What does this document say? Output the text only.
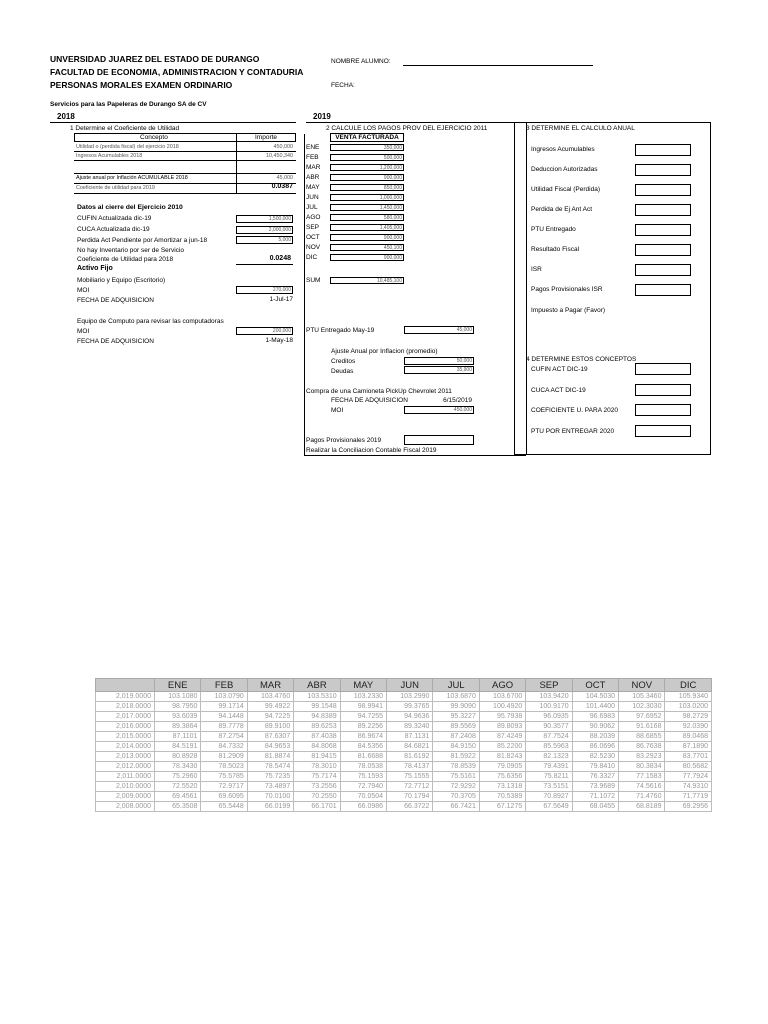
UNVERSIDAD JUAREZ DEL ESTADO DE DURANGO
FACULTAD DE ECONOMIA, ADMINISTRACION Y CONTADURIA
PERSONAS MORALES EXAMEN ORDINARIO
NOMBRE ALUMNO:
FECHA:
Servicios para las Papeleras de Durango SA de CV
2018	2019
1 Determine el Coeficiente de Utilidad
Concepto	Importe
Utilidad o (perdida fiscal) del ejercicio 2018	450,000
Ingresos Acumulables 2018	10,450,340
Ajuste anual por Inflación ACUMULABLE 2018	45,000
Coeficiente de utilidad para 2019	0.0387
Datos al cierre del Ejercicio 2010
CUFIN Actualizada dic-19	1,500,000
CUCA Actualizada dic-19	2,000,000
Perdida Act Pendiente por Amortizar a jun-18	5,000
No hay Inventario por ser de Servicio
Coeficiente de Utilidad para 2018	0.0248
Activo Fijo
Mobiliario y Equipo (Escritorio)
MOI	270,000
FECHA DE ADQUISICION	1-Jul-17
Equipo de Computo para revisar las computadoras
MOI	200,000
FECHA DE ADQUISICION	1-May-18
2 CALCULE LOS PAGOS PROV DEL EJERCICIO 2011
VENTA FACTURADA
ENE	350,000
FEB	500,000
MAR	1,200,000
ABR	900,000
MAY	850,000
JUN	1,000,000
JUL	1,450,000
AGO	580,000
SEP	1,405,000
OCT	900,000
NOV	450,100
DIC	900,000
SUM	10,485,100
PTU Entregado May-19	45,000
Ajuste Anual por Inflacion (promedio)
Creditos	50,000
Deudas	35,900
Compra de una Camioneta PickUp Chevrolet 2011
FECHA DE ADQUISICION	6/15/2019
MOI	450,000
Pagos Provisionales 2019
Realizar la Conciliacion Contable Fiscal 2019
3 DETERMINE EL CALCULO ANUAL
Ingresos Acumulables
Deduccion Autorizadas
Utilidad Fiscal (Perdida)
Perdida de Ej Ant Act
PTU Entregado
Resultado Fiscal
ISR
Pagos Provisionales ISR
Impuesto a Pagar (Favor)
4 DETERMINE ESTOS CONCEPTOS
CUFIN ACT DIC-19
CUCA ACT DIC-19
COEFICIENTE U. PARA 2020
PTU POR ENTREGAR 2020
	ENE	FEB	MAR	ABR	MAY	JUN	JUL	AGO	SEP	OCT	NOV	DIC
2,019.0000	103.1080	103.0790	103.4760	103.5310	103.2330	103.2990	103.6870	103.6700	103.9420	104.5030	105.3460	105.9340
2,018.0000	98.7950	99.1714	99.4922	99.1548	98.9941	99.3765	99.9090	100.4920	100.9170	101.4400	102.3030	103.0200
2,017.0000	93.6039	94.1448	94.7225	94.8389	94.7255	94.9636	95.3227	95.7938	96.0935	96.6983	97.6952	98.2729
2,016.0000	89.3864	89.7778	89.9100	89.6253	89.2256	89.3240	89.5569	89.8093	90.3577	90.9062	91.6168	92.0390
2,015.0000	87.1101	87.2754	87.6307	87.4038	86.9674	87.1131	87.2408	87.4249	87.7524	88.2039	88.6855	89.0468
2,014.0000	84.5191	84.7332	84.9653	84.8068	84.5356	84.6821	84.9150	85.2200	85.5963	86.0696	86.7638	87.1890
2,013.0000	80.8928	81.2909	81.8874	81.9415	81.6688	81.6192	81.5922	81.8243	82.1323	82.5230	83.2923	83.7701
2,012.0000	78.3430	78.5023	78.5474	78.3010	78.0538	78.4137	78.8539	79.0905	79.4391	79.8410	80.3834	80.5682
2,011.0000	75.2960	75.5785	75.7235	75.7174	75.1593	75.1555	75.5161	75.6356	75.8211	76.3327	77.1583	77.7924
2,010.0000	72.5520	72.9717	73.4897	73.2556	72.7940	72.7712	72.9292	73.1318	73.5151	73.9689	74.5616	74.9310
2,009.0000	69.4561	69.6095	70.0100	70.2550	70.0504	70.1794	70.3705	70.5389	70.8927	71.1072	71.4760	71.7719
2,008.0000	65.3508	65.5448	66.0199	66.1701	66.0986	66.3722	66.7421	67.1275	67.5649	68.0455	68.8189	69.2956
